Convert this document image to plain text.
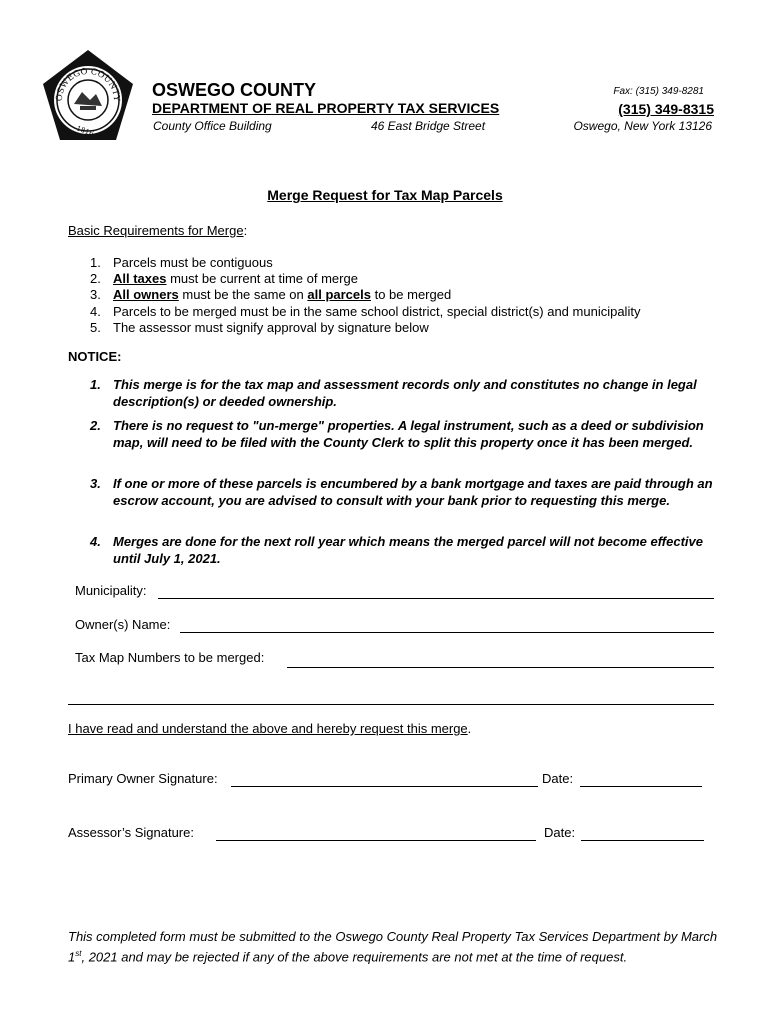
OSWEGO COUNTY
1816
OSWEGO COUNTY
DEPARTMENT OF REAL PROPERTY TAX SERVICES
Fax: (315) 349-8281
(315) 349-8315
County Office Building	46 East Bridge Street	Oswego, New York 13126
Merge Request for Tax Map Parcels
Basic Requirements for Merge:
1. Parcels must be contiguous
2. All taxes must be current at time of merge
3. All owners must be the same on all parcels to be merged
4. Parcels to be merged must be in the same school district, special district(s) and municipality
5. The assessor must signify approval by signature below
NOTICE:
1. This merge is for the tax map and assessment records only and constitutes no change in legal description(s) or deeded ownership.
2. There is no request to "un-merge" properties. A legal instrument, such as a deed or subdivision map, will need to be filed with the County Clerk to split this property once it has been merged.
3. If one or more of these parcels is encumbered by a bank mortgage and taxes are paid through an escrow account, you are advised to consult with your bank prior to requesting this merge.
4. Merges are done for the next roll year which means the merged parcel will not become effective until July 1, 2021.
Municipality:
Owner(s) Name:
Tax Map Numbers to be merged:
I have read and understand the above and hereby request this merge.
Primary Owner Signature:	Date:
Assessor’s Signature:	Date:
This completed form must be submitted to the Oswego County Real Property Tax Services Department by March 1st, 2021 and may be rejected if any of the above requirements are not met at the time of request.
